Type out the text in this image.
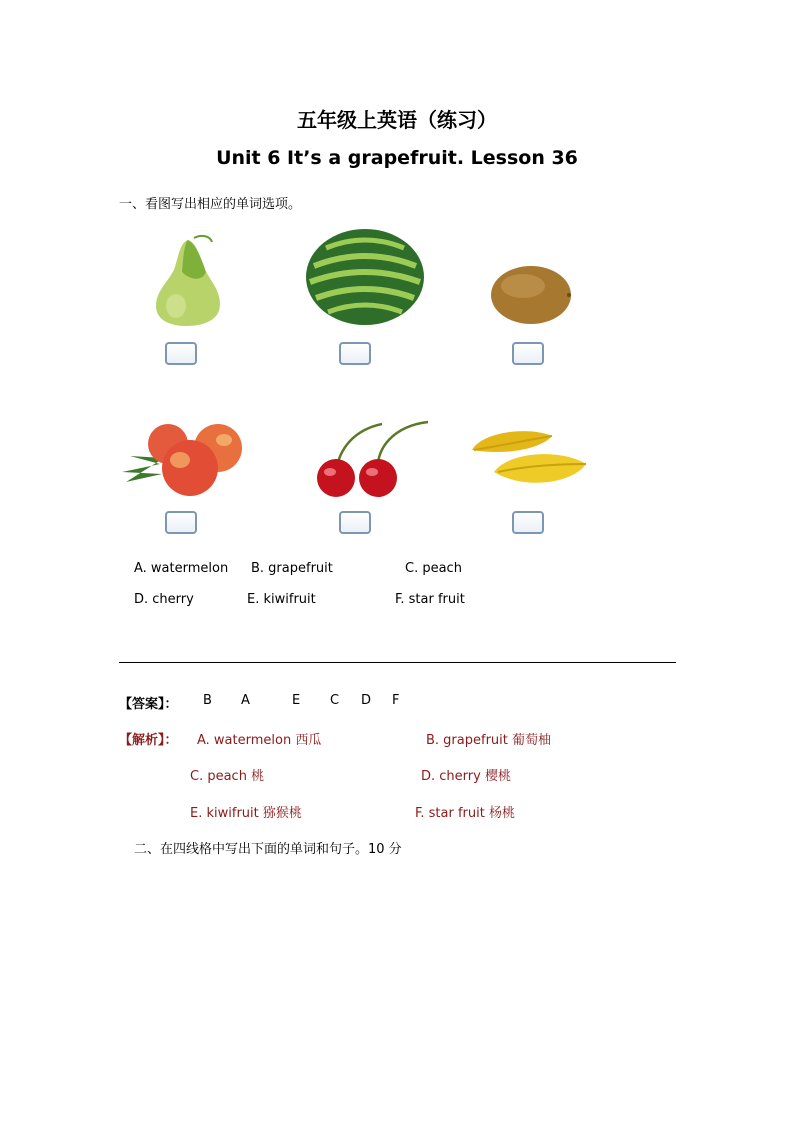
五年级上英语（练习）
Unit 6 It’s a grapefruit. Lesson 36
一、看图写出相应的单词选项。
A. watermelon B. grapefruit	C. peach
D. cherry	E. kiwifruit	F. star fruit
【答案】： B A	E C D F
【解析】： A. watermelon 西瓜	B. grapefruit 葡萄柚
C. peach 桃	D. cherry 樱桃
E. kiwifruit 猕猴桃	F. star fruit 杨桃
二、在四线格中写出下面的单词和句子。10 分
